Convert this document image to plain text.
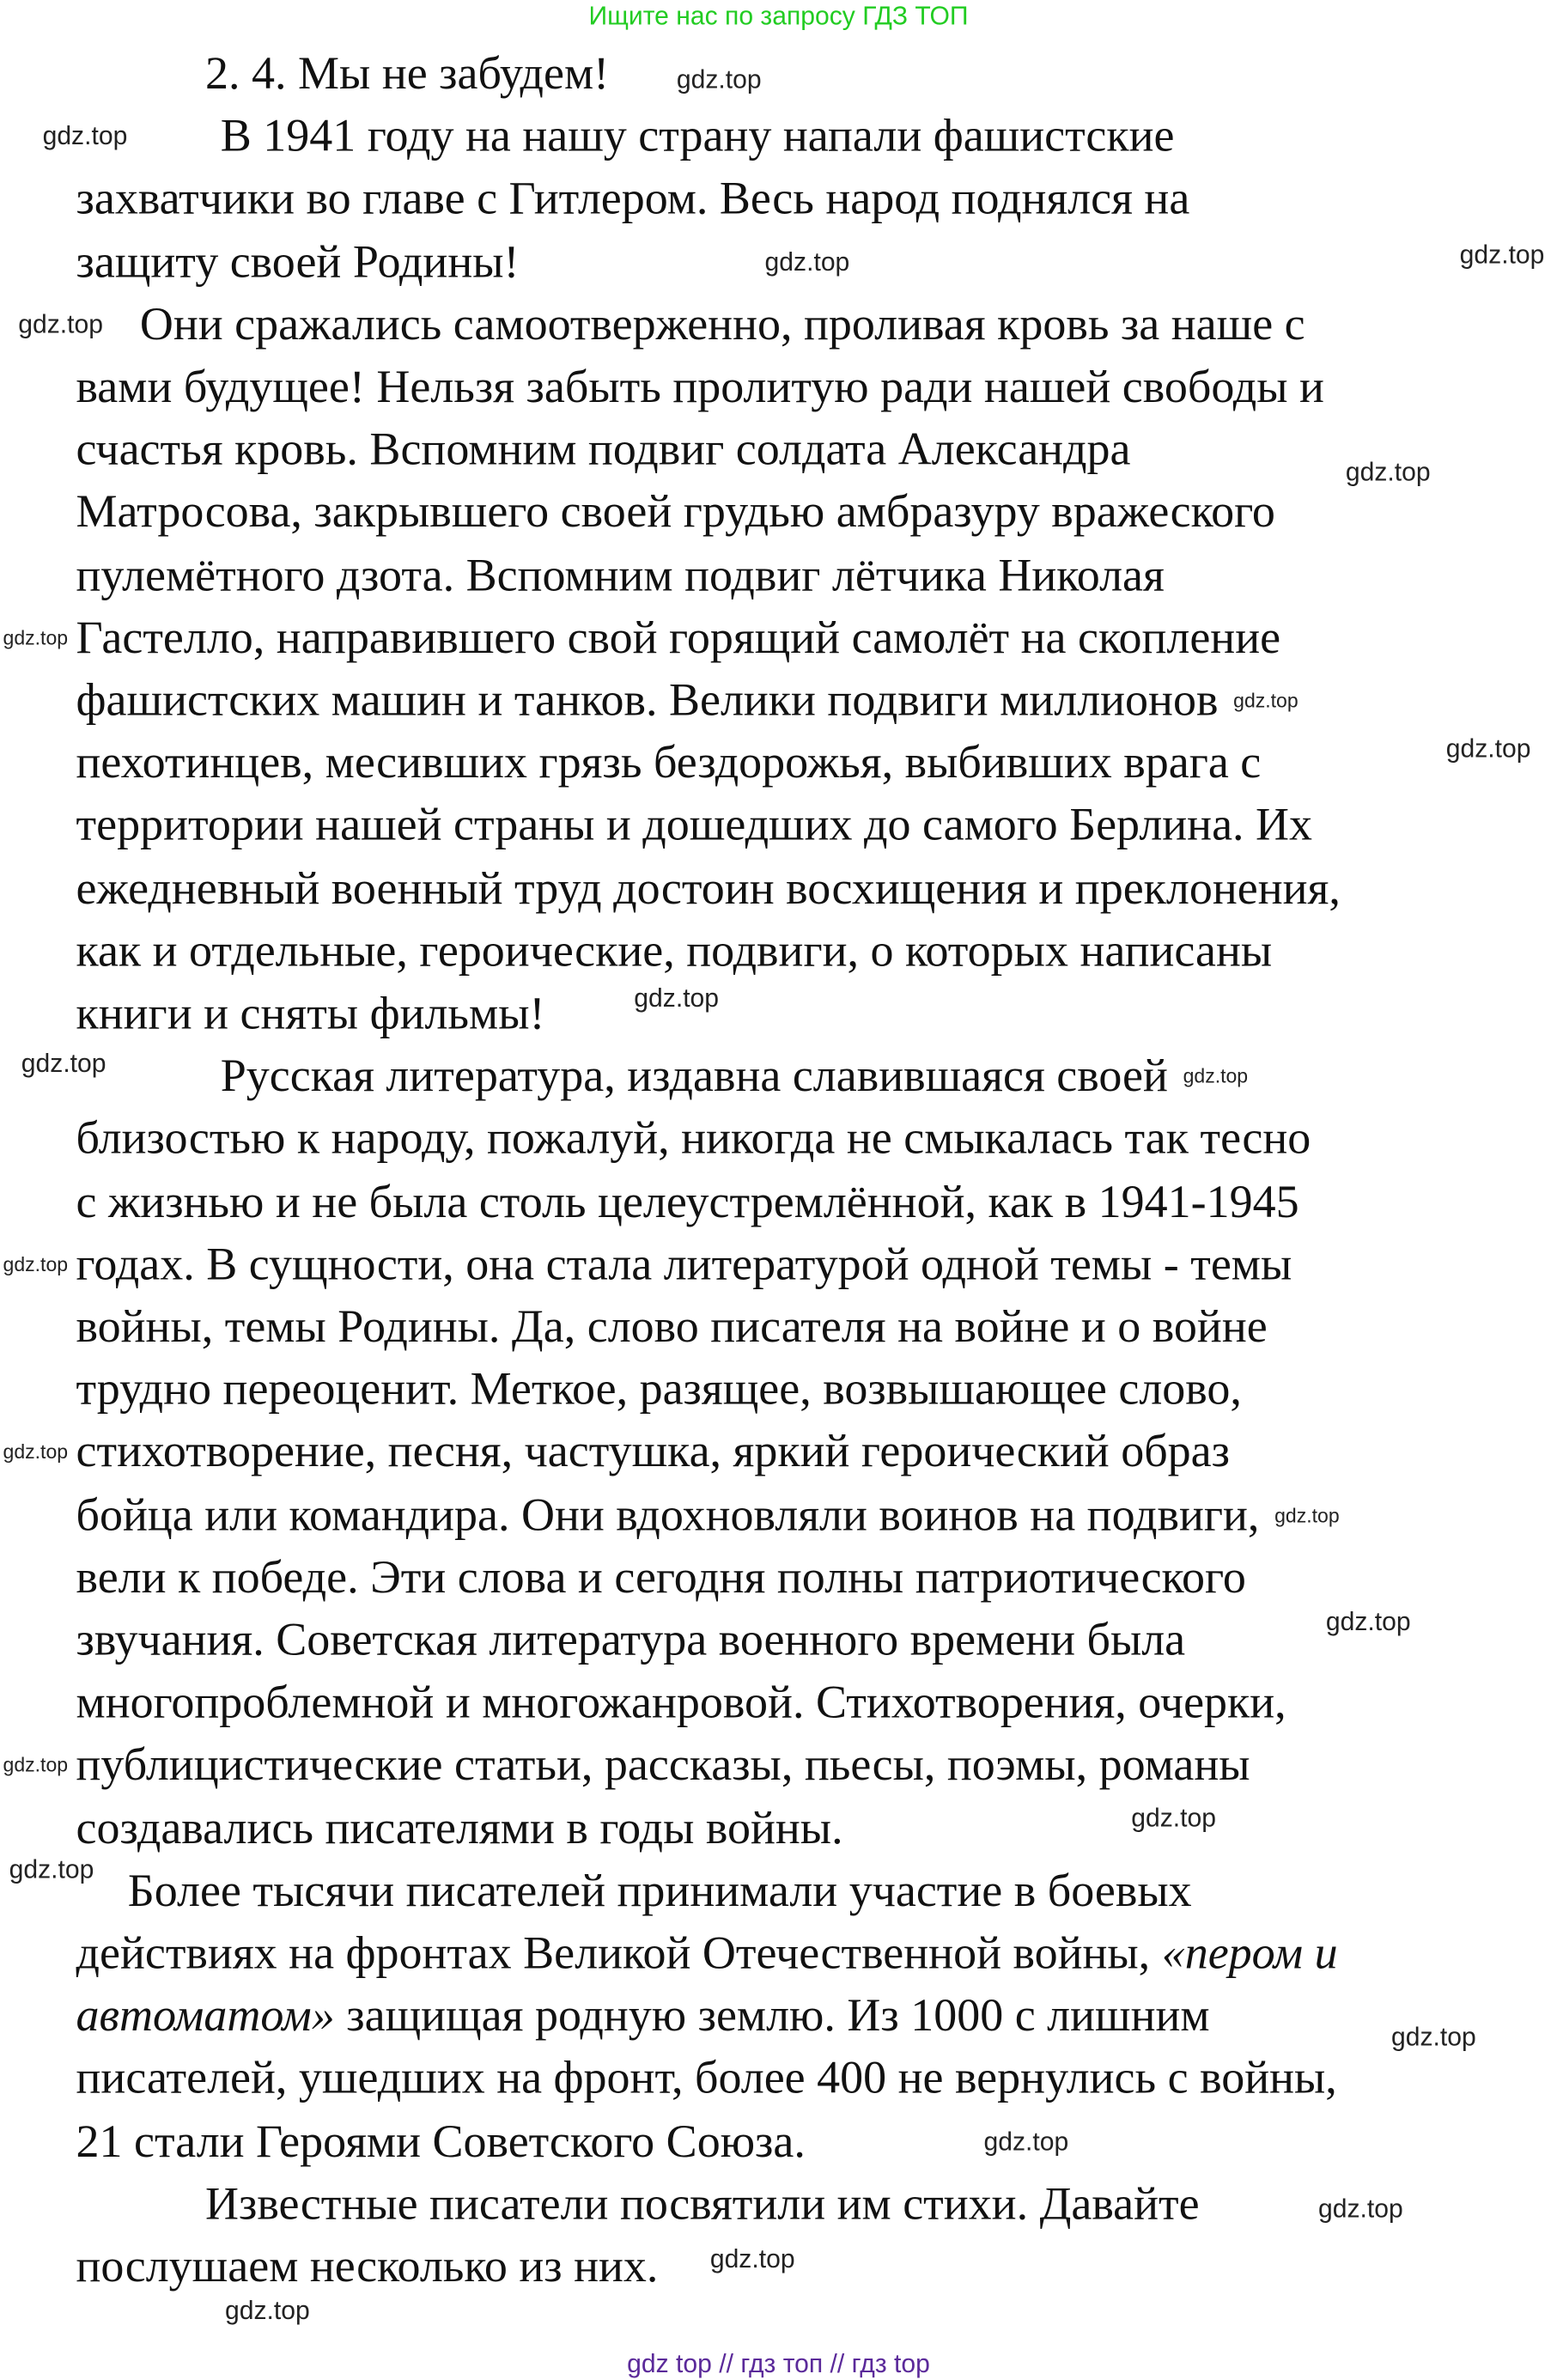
Ищите нас по запросу ГДЗ ТОП
2. 4. Мы не забудем!
В 1941 году на нашу страну напали фашистские
захватчики во главе с Гитлером. Весь народ поднялся на
защиту своей Родины!
Они сражались самоотверженно, проливая кровь за наше с
вами будущее! Нельзя забыть пролитую ради нашей свободы и
счастья кровь. Вспомним подвиг солдата Александра
Матросова, закрывшего своей грудью амбразуру вражеского
пулемётного дзота. Вспомним подвиг лётчика Николая
Гастелло, направившего свой горящий самолёт на скопление
фашистских машин и танков. Велики подвиги миллионов
пехотинцев, месивших грязь бездорожья, выбивших врага с
территории нашей страны и дошедших до самого Берлина. Их
ежедневный военный труд достоин восхищения и преклонения,
как и отдельные, героические, подвиги, о которых написаны
книги и сняты фильмы!
Русская литература, издавна славившаяся своей
близостью к народу, пожалуй, никогда не смыкалась так тесно
с жизнью и не была столь целеустремлённой, как в 1941-1945
годах. В сущности, она стала литературой одной темы - темы
войны, темы Родины. Да, слово писателя на войне и о войне
трудно переоценит. Меткое, разящее, возвышающее слово,
стихотворение, песня, частушка, яркий героический образ
бойца или командира. Они вдохновляли воинов на подвиги,
вели к победе. Эти слова и сегодня полны патриотического
звучания. Советская литература военного времени была
многопроблемной и многожанровой. Стихотворения, очерки,
публицистические статьи, рассказы, пьесы, поэмы, романы
создавались писателями в годы войны.
Более тысячи писателей принимали участие в боевых
действиях на фронтах Великой Отечественной войны, «пером и
автоматом» защищая родную землю. Из 1000 с лишним
писателей, ушедших на фронт, более 400 не вернулись с войны,
21 стали Героями Советского Союза.
Известные писатели посвятили им стихи. Давайте
послушаем несколько из них.
gdz.top
gdz.top
gdz.top
gdz.top
gdz.top
gdz.top
gdz.top
gdz.top
gdz.top
gdz.top
gdz.top	gdz.top
gdz.top
gdz.top
gdz.top
gdz.top
gdz.top
gdz.top
gdz.top
gdz.top
gdz.top
gdz.top
gdz.top
gdz.top
gdz top // гдз топ // гдз top
